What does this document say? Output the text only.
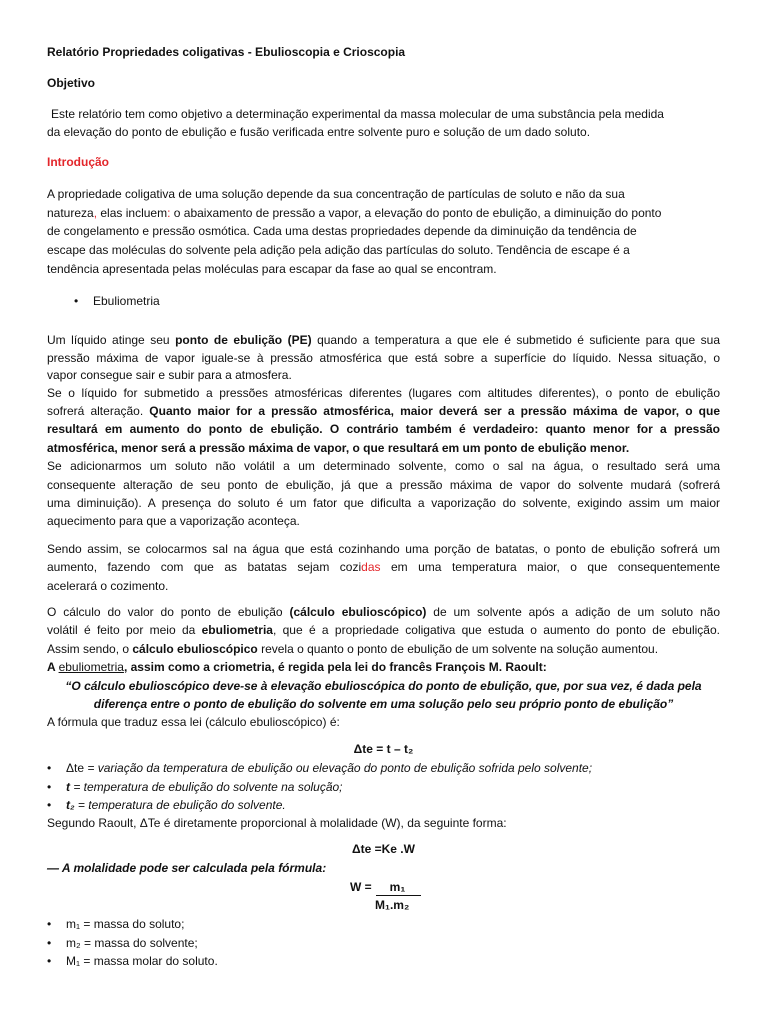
Relatório Propriedades coligativas - Ebulioscopia e Crioscopia
Objetivo
Este relatório tem como objetivo a determinação experimental da massa molecular de uma substância pela medida
da elevação do ponto de ebulição e fusão verificada entre solvente puro e solução de um dado soluto.
Introdução
A propriedade coligativa de uma solução depende da sua concentração de partículas de soluto e não da sua
natureza, elas incluem: o abaixamento de pressão a vapor, a elevação do ponto de ebulição, a diminuição do ponto
de congelamento e pressão osmótica. Cada uma destas propriedades depende da diminuição da tendência de
escape das moléculas do solvente pela adição pela adição das partículas do soluto. Tendência de escape é a
tendência apresentada pelas moléculas para escapar da fase ao qual se encontram.
• Ebuliometria
Um líquido atinge seu ponto de ebulição (PE) quando a temperatura a que ele é submetido é suficiente para que sua
pressão máxima de vapor iguale-se à pressão atmosférica que está sobre a superfície do líquido. Nessa situação, o
vapor consegue sair e subir para a atmosfera.
Se o líquido for submetido a pressões atmosféricas diferentes (lugares com altitudes diferentes), o ponto de ebulição
sofrerá alteração. Quanto maior for a pressão atmosférica, maior deverá ser a pressão máxima de vapor, o que
resultará em aumento do ponto de ebulição. O contrário também é verdadeiro: quanto menor for a pressão
atmosférica, menor será a pressão máxima de vapor, o que resultará em um ponto de ebulição menor.
Se adicionarmos um soluto não volátil a um determinado solvente, como o sal na água, o resultado será uma
consequente alteração de seu ponto de ebulição, já que a pressão máxima de vapor do solvente mudará (sofrerá
uma diminuição). A presença do soluto é um fator que dificulta a vaporização do solvente, exigindo assim um maior
aquecimento para que a vaporização aconteça.
Sendo assim, se colocarmos sal na água que está cozinhando uma porção de batatas, o ponto de ebulição sofrerá um
aumento, fazendo com que as batatas sejam cozidas em uma temperatura maior, o que consequentemente
acelerará o cozimento.
O cálculo do valor do ponto de ebulição (cálculo ebulioscópico) de um solvente após a adição de um soluto não
volátil é feito por meio da ebuliometria, que é a propriedade coligativa que estuda o aumento do ponto de ebulição.
Assim sendo, o cálculo ebulioscópico revela o quanto o ponto de ebulição de um solvente na solução aumentou.
A ebuliometria, assim como a criometria, é regida pela lei do francês François M. Raoult:
“O cálculo ebulioscópico deve-se à elevação ebulioscópica do ponto de ebulição, que, por sua vez, é dada pela
diferença entre o ponto de ebulição do solvente em uma solução pelo seu próprio ponto de ebulição”
A fórmula que traduz essa lei (cálculo ebulioscópico) é:
Δte = t – t₂
• Δte = variação da temperatura de ebulição ou elevação do ponto de ebulição sofrida pelo solvente;
• t = temperatura de ebulição do solvente na solução;
• t₂ = temperatura de ebulição do solvente.
Segundo Raoult, ΔTe é diretamente proporcional à molalidade (W), da seguinte forma:
Δte =Ke .W
— A molalidade pode ser calculada pela fórmula:
W = m₁
M₁.m₂
• m₁ = massa do soluto;
• m₂ = massa do solvente;
• M₁ = massa molar do soluto.
